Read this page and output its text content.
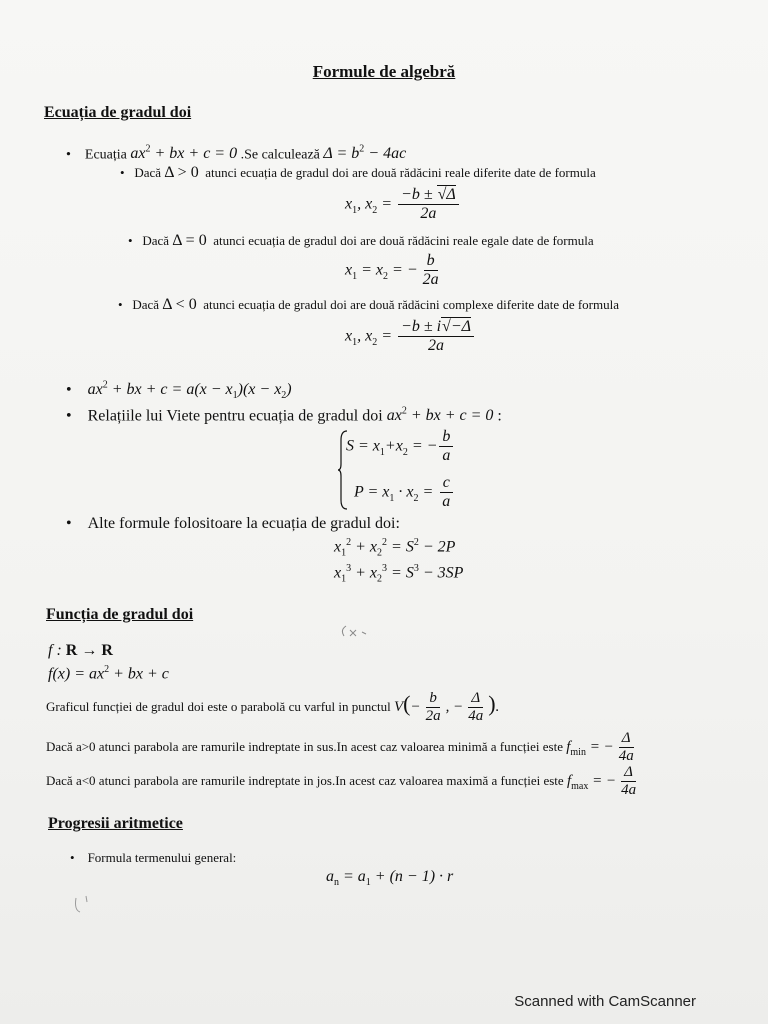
Formule de algebră
Ecuația de gradul doi
• Ecuația $ax^2$ + bx + c = 0 .Se calculează $\Delta = b^2 - 4ac$
•   Dacă Δ > 0 atunci ecuația de gradul doi are două rădăcini reale diferite date de formula
$x_1$, $x_2 = \frac{-b \pm √\Delta}{2a}$
•   Dacă Δ = 0 atunci ecuația de gradul doi are două rădăcini reale egale date de formula
$x_1 = x_2$ = − $\frac{b}{2a}$
•   Dacă Δ < 0 atunci ecuația de gradul doi are două rădăcini complexe diferite date de formula
$x_1$, $x_2 = \frac{-b \pm i√-\Delta}{2a}$
•    $ax^2$ + bx + $c = a(x - x_1)(x - x_2)$
•    Relațiile lui Viete pentru ecuația de gradul doi $ax^2$ + bx + c = 0 :
$S = x_1+x_2$ = − $\frac{b}{a}$
$P = x_1 \cdot x_2 = \frac{c}{a}$
•    Alte formule folositoare la ecuația de gradul doi:
$x_1^2 + x_2^2 = S^2 - 2P$
$x_1^3 + x_2^3 = S^3 - 3SP$
Funcția de gradul doi
f : R → R
$f(x) = ax^2$ + bx + c
Graficul funcției de gradul doi este o parabolă cu varful in punctul $V(- \frac{b}{2a}$ , − $\frac{\Delta}{4a}$ ).
Dacă a>0 atunci parabola are ramurile indreptate in sus.In acest caz valoarea minimă a funcției este $f_{min}$ = − $\frac{\Delta}{4a}$
Dacă a<0 atunci parabola are ramurile indreptate in jos.In acest caz valoarea maximă a funcției este $f_{max}$ = − $\frac{\Delta}{4a}$
Progresii aritmetice
•    Formula termenului general:
$a_n = a_1 + (n - 1) \cdot r$
Scanned with CamScanner
